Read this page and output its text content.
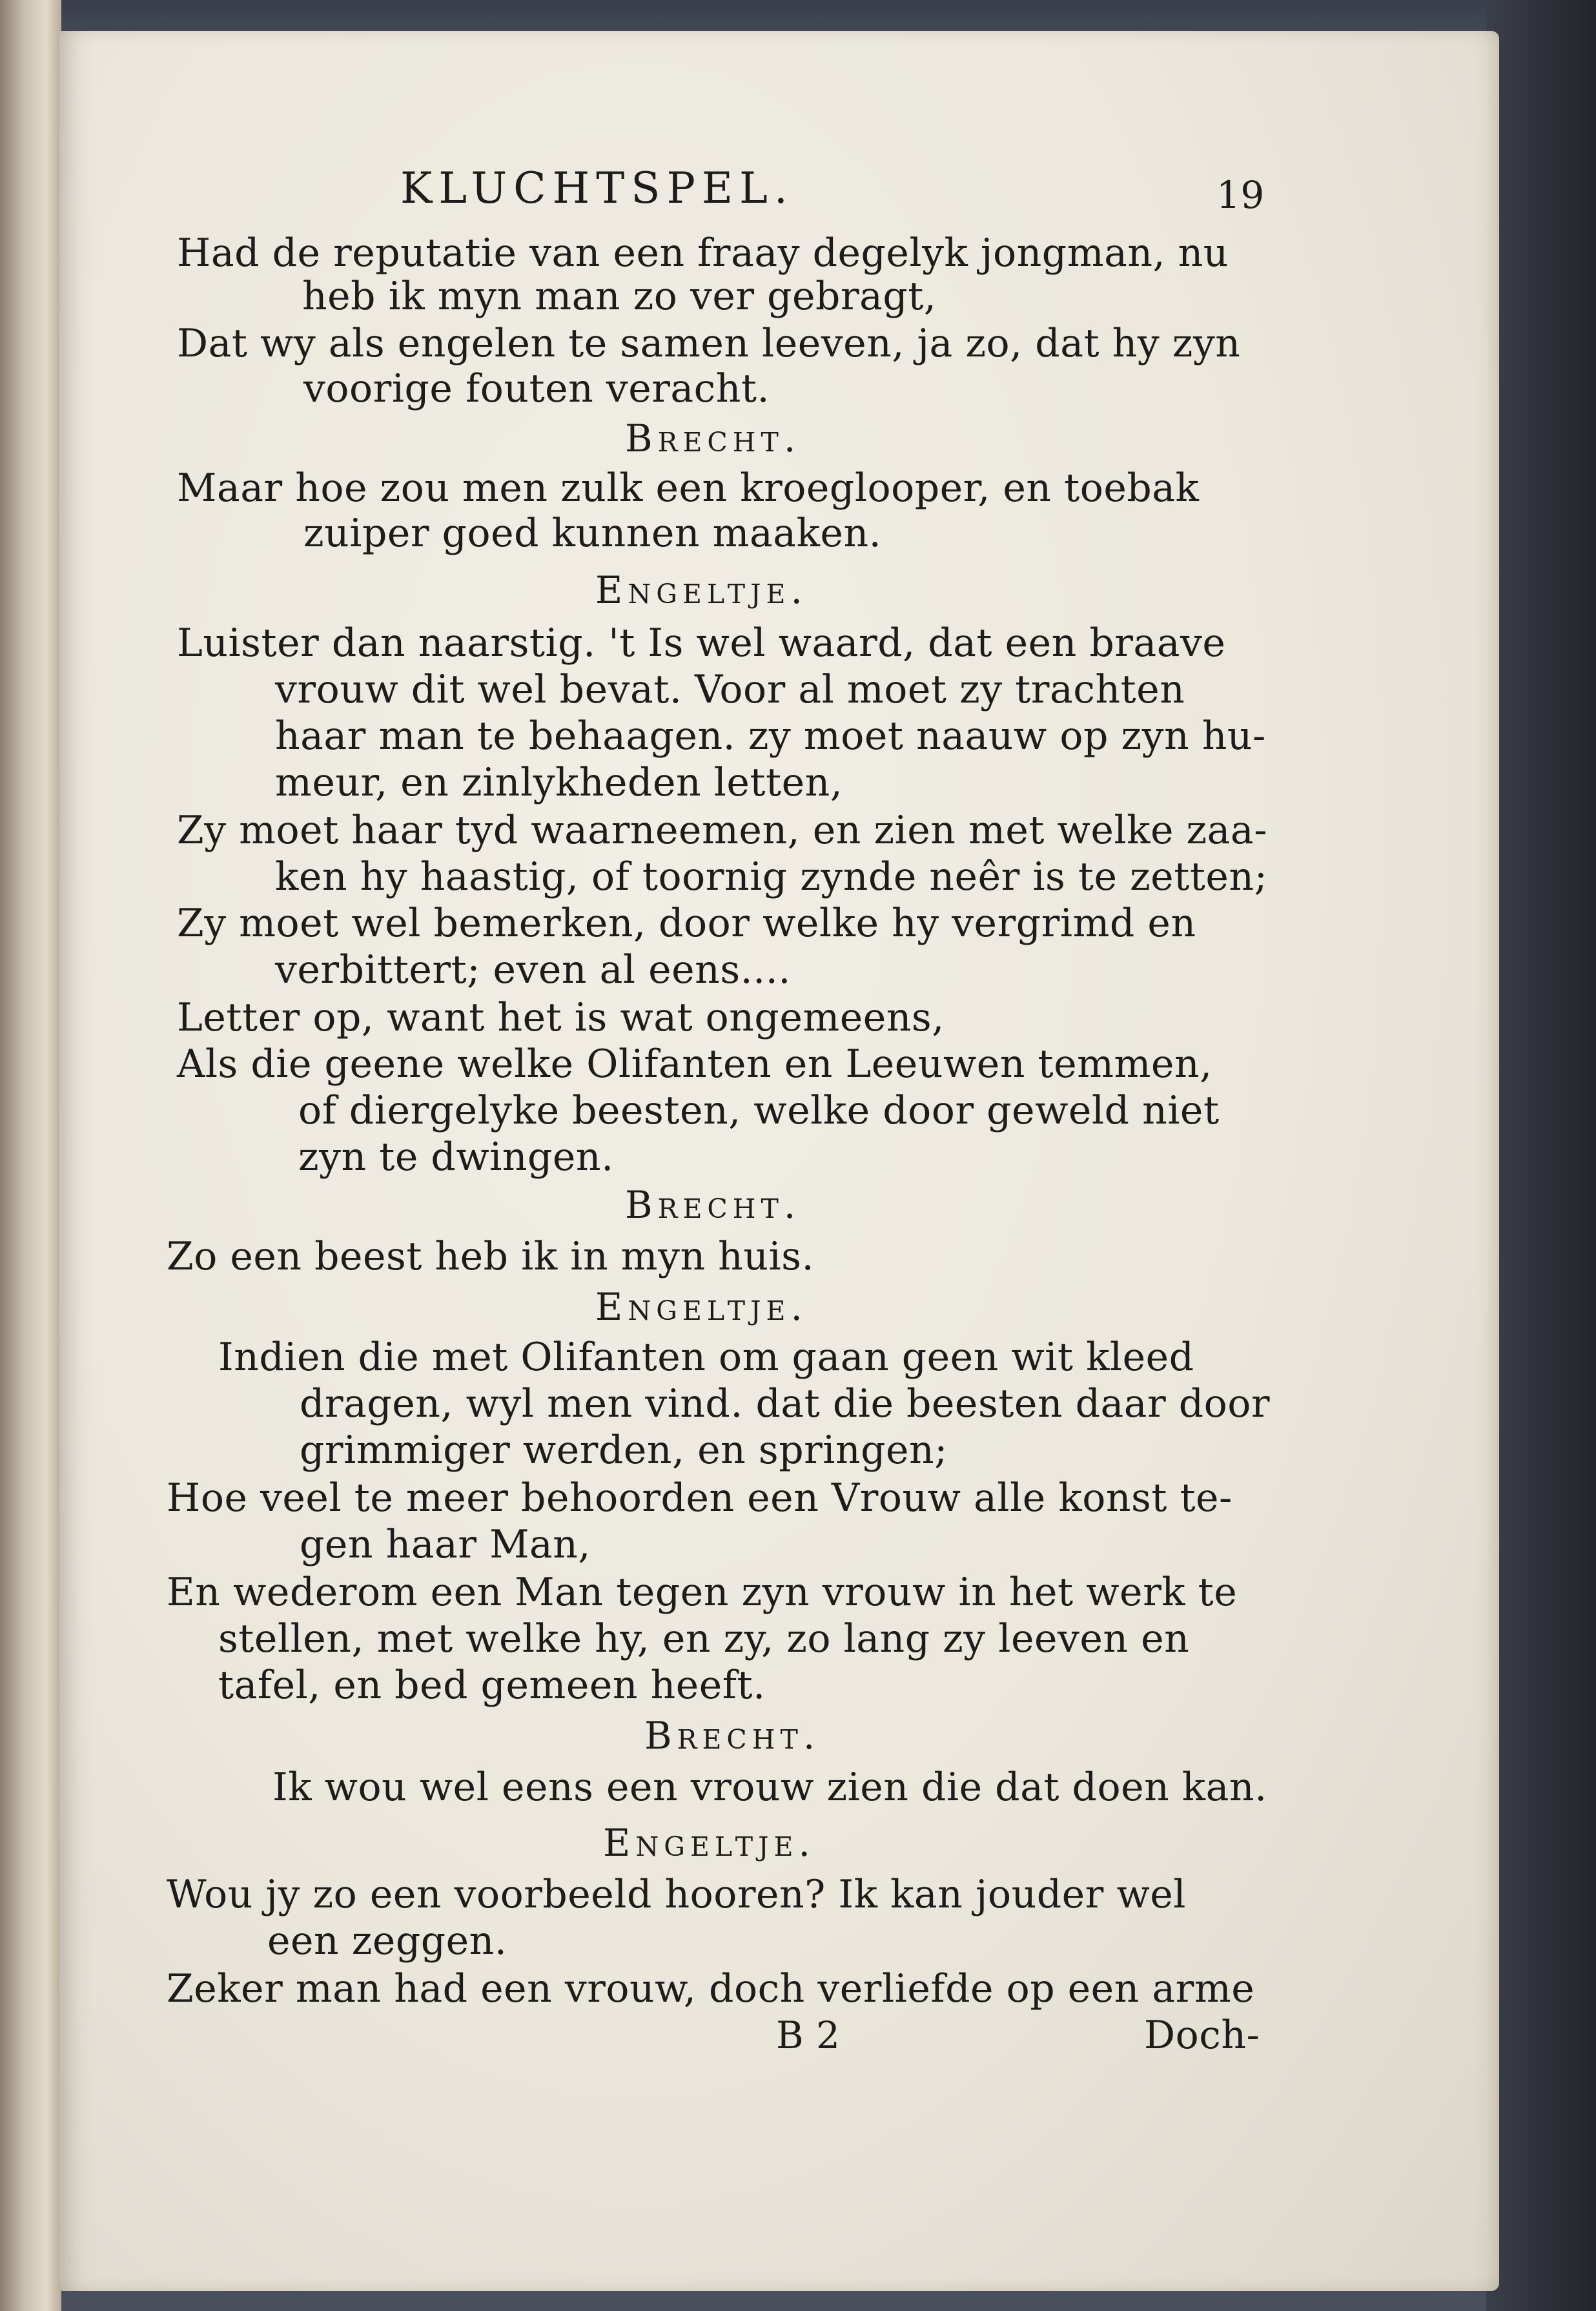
KLUCHTSPEL.	19
Had de reputatie van een fraay degelyk jongman, nu
heb ik myn man zo ver gebragt,
Dat wy als engelen te samen leeven, ja zo, dat hy zyn
voorige fouten veracht.
Brecht.
Maar hoe zou men zulk een kroeglooper, en toebak
zuiper goed kunnen maaken.
Engeltje.
Luister dan naarstig. 't Is wel waard, dat een braave
vrouw dit wel bevat. Voor al moet zy trachten
haar man te behaagen. zy moet naauw op zyn hu-
meur, en zinlykheden letten,
Zy moet haar tyd waarneemen, en zien met welke zaa-
ken hy haastig, of toornig zynde neêr is te zetten;
Zy moet wel bemerken, door welke hy vergrimd en
verbittert; even al eens....
Letter op, want het is wat ongemeens,
Als die geene welke Olifanten en Leeuwen temmen,
of diergelyke beesten, welke door geweld niet
zyn te dwingen.
Brecht.
Zo een beest heb ik in myn huis.
Engeltje.
Indien die met Olifanten om gaan geen wit kleed
dragen, wyl men vind. dat die beesten daar door
grimmiger werden, en springen;
Hoe veel te meer behoorden een Vrouw alle konst te-
gen haar Man,
En wederom een Man tegen zyn vrouw in het werk te
stellen, met welke hy, en zy, zo lang zy leeven en
tafel, en bed gemeen heeft.
Brecht.
Ik wou wel eens een vrouw zien die dat doen kan.
Engeltje.
Wou jy zo een voorbeeld hooren? Ik kan jouder wel
een zeggen.
Zeker man had een vrouw, doch verliefde op een arme
B 2	Doch-
